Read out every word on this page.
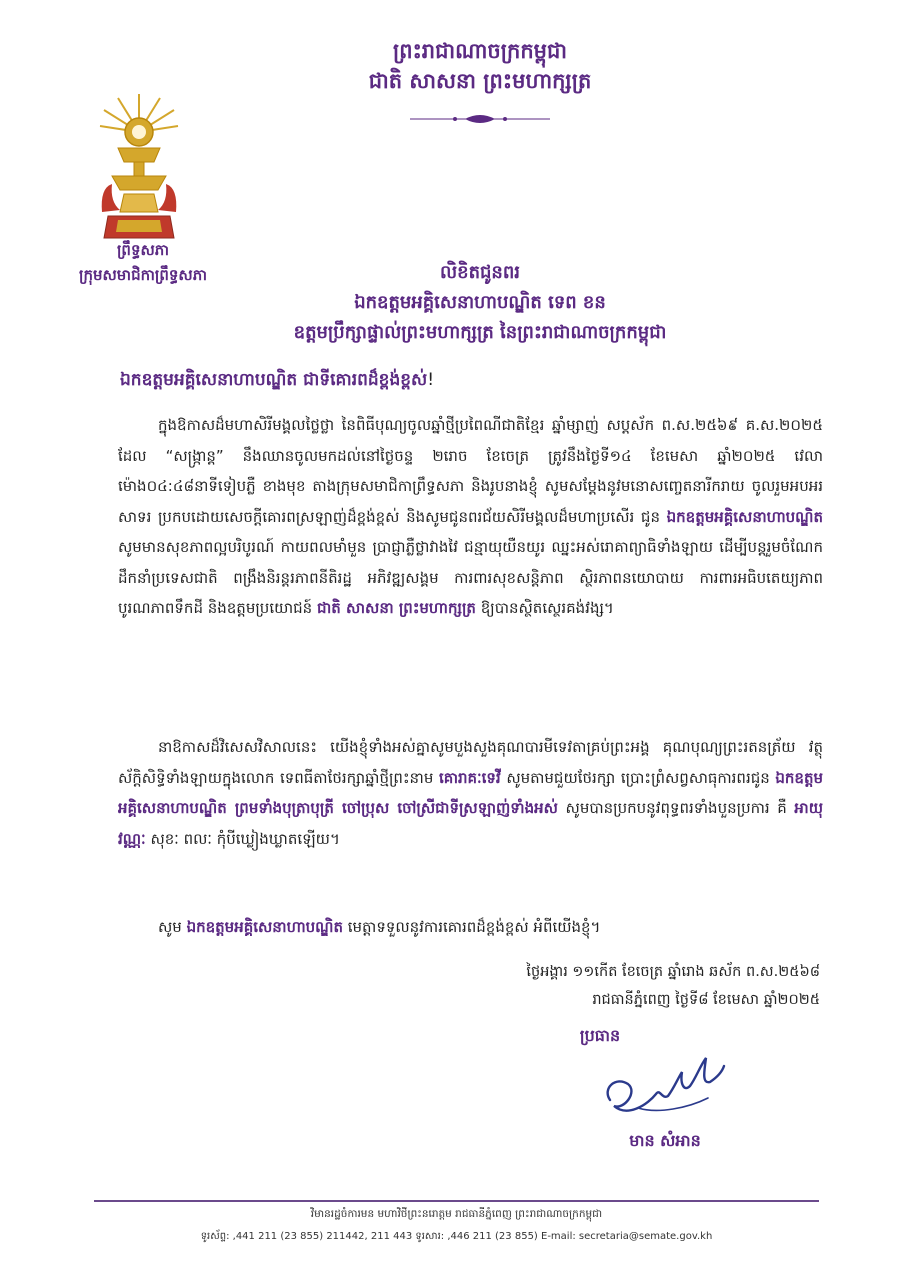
ព្រះរាជាណាចក្រកម្ពុជា
ជាតិ សាសនា ព្រះមហាក្សត្រ
ព្រឹទ្ធសភា
ក្រុមសមាជិកាព្រឹទ្ធសភា	លិខិតជូនពរ
ឯកឧត្តមអគ្គិសេនាហាបណ្ឌិត ទេព ខន
ឧត្តមប្រឹក្សាផ្ទាល់ព្រះមហាក្សត្រ នៃព្រះរាជាណាចក្រកម្ពុជា
ឯកឧត្តមអគ្គិសេនាហាបណ្ឌិត ជាទីគោរពដ៏ខ្ពង់ខ្ពស់!
ក្នុងឱកាសដ៏មហាសិរីមង្គលថ្លៃថ្លា នៃពិធីបុណ្យចូលឆ្នាំថ្មីប្រពៃណីជាតិខ្មែរ ឆ្នាំម្សាញ់ សប្តស័ក ព.ស.២៥៦៩ គ.ស.២០២៥ ដែល “សង្ក្រាន្ត” នឹងឈានចូលមកដល់នៅថ្ងៃចន្ទ ២រោច ខែចេត្រ ត្រូវនឹងថ្ងៃទី១៤ ខែមេសា ឆ្នាំ២០២៥ វេលាម៉ោង០៤:៤៨នាទីទៀបភ្លឺ ខាងមុខ តាងក្រុមសមាជិកាព្រឹទ្ធសភា និងរូបនាងខ្ញុំ សូមសម្តែងនូវមនោសញ្ចេតនារីករាយ ចូលរួមអបអរសាទរ ប្រកបដោយសេចក្តីគោរពស្រឡាញ់ដ៏ខ្ពង់ខ្ពស់ និងសូមជូនពរជ័យសិរីមង្គលដ៏មហាប្រសើរ ជូន ឯកឧត្តមអគ្គិសេនាហាបណ្ឌិត សូមមានសុខភាពល្អបរិបូរណ៍ កាយពលមាំមួន ប្រាជ្ញាភ្លឺថ្លាវាងវៃ ជន្មាយុយឺនយូរ ឈ្នះអស់រោគាព្យាធិទាំងឡាយ ដើម្បីបន្តរួមចំណែកដឹកនាំប្រទេសជាតិ ពង្រឹងនិរន្តរភាពនីតិរដ្ឋ អភិវឌ្ឍសង្គម ការពារសុខសន្តិភាព ស្ថិរភាពនយោបាយ ការពារអធិបតេយ្យភាព បូរណភាពទឹកដី និងឧត្តមប្រយោជន៍ ជាតិ សាសនា ព្រះមហាក្សត្រ ឱ្យបានស្ថិតស្ថេរគង់វង្ស។
នាឱកាសដ៏វិសេសវិសាលនេះ យើងខ្ញុំទាំងអស់គ្នាសូមបួងសួងគុណបារមីទេវតាគ្រប់ព្រះអង្គ គុណបុណ្យព្រះរតនត្រ័យ វត្ថុស័ក្តិសិទ្ធិទាំងឡាយក្នុងលោក ទេពធីតាថែរក្សាឆ្នាំថ្មីព្រះនាម គោរាគៈទេវី សូមតាមជួយថែរក្សា ប្រោះព្រំសព្វសាធុការពរជូន ឯកឧត្តមអគ្គិសេនាហាបណ្ឌិត ព្រមទាំងបុត្រាបុត្រី ចៅប្រុស ចៅស្រីជាទីស្រឡាញ់ទាំងអស់ សូមបានប្រកបនូវពុទ្ធពរទាំងបួនប្រការ គឺ អាយុ វណ្ណៈ សុខៈ ពលៈ កុំបីឃ្លៀងឃ្លាតឡើយ។
សូម ឯកឧត្តមអគ្គិសេនាហាបណ្ឌិត មេត្តាទទួលនូវការគោរពដ៏ខ្ពង់ខ្ពស់ អំពីយើងខ្ញុំ។
ថ្ងៃអង្គារ ១១កើត ខែចេត្រ ឆ្នាំរោង ឆស័ក ព.ស.២៥៦៨
រាជធានីភ្នំពេញ ថ្ងៃទី៨ ខែមេសា ឆ្នាំ២០២៥
ប្រធាន
មាន សំអាន
វិមានរដ្ឋចំការមន មហាវិថីព្រះនរោត្តម រាជធានីភ្នំពេញ ព្រះរាជាណាចក្រកម្ពុជា
ទូរស័ព្ទ: ,441 211 (23 855) 211442, 211 443 ទូរសារ: ,446 211 (23 855) E-mail: secretaria@semate.gov.kh
